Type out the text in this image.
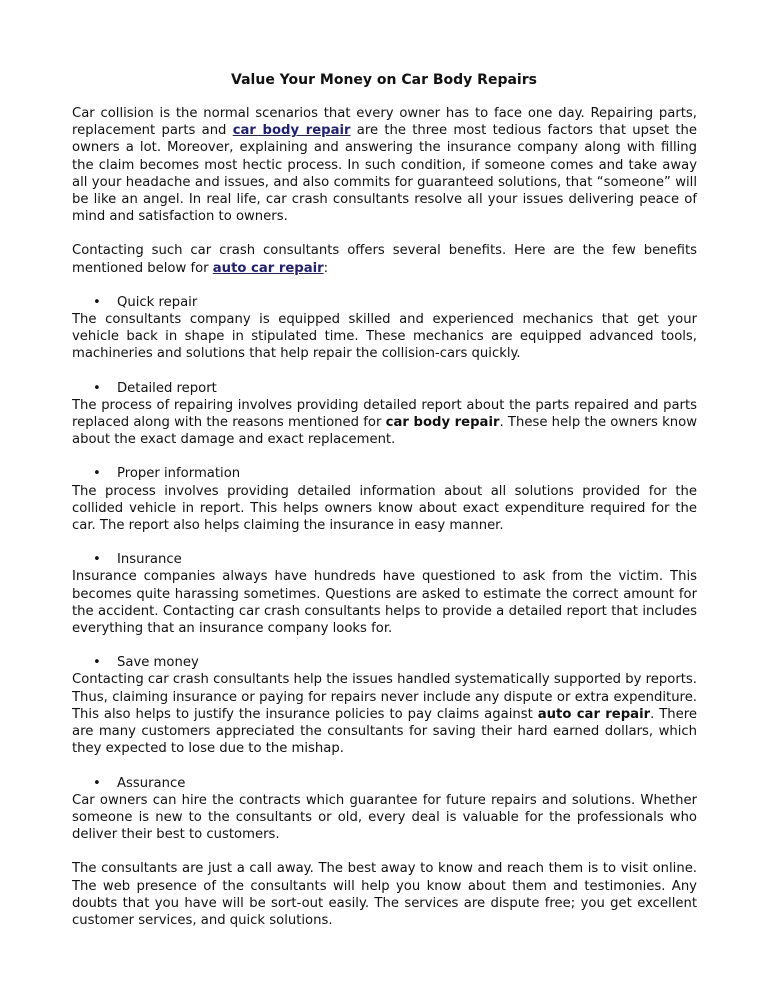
Value Your Money on Car Body Repairs

Car collision is the normal scenarios that every owner has to face one day. Repairing parts, replacement parts and car body repair are the three most tedious factors that upset the owners a lot. Moreover, explaining and answering the insurance company along with filling the claim becomes most hectic process. In such condition, if someone comes and take away all your headache and issues, and also commits for guaranteed solutions, that “someone” will be like an angel. In real life, car crash consultants resolve all your issues delivering peace of mind and satisfaction to owners.

Contacting such car crash consultants offers several benefits. Here are the few benefits mentioned below for auto car repair:

• Quick repair

The consultants company is equipped skilled and experienced mechanics that get your vehicle back in shape in stipulated time. These mechanics are equipped advanced tools, machineries and solutions that help repair the collision-cars quickly.

• Detailed report

The process of repairing involves providing detailed report about the parts repaired and parts replaced along with the reasons mentioned for car body repair. These help the owners know about the exact damage and exact replacement.

• Proper information

The process involves providing detailed information about all solutions provided for the collided vehicle in report. This helps owners know about exact expenditure required for the car. The report also helps claiming the insurance in easy manner.

• Insurance

Insurance companies always have hundreds have questioned to ask from the victim. This becomes quite harassing sometimes. Questions are asked to estimate the correct amount for the accident. Contacting car crash consultants helps to provide a detailed report that includes everything that an insurance company looks for.

• Save money

Contacting car crash consultants help the issues handled systematically supported by reports. Thus, claiming insurance or paying for repairs never include any dispute or extra expenditure. This also helps to justify the insurance policies to pay claims against auto car repair. There are many customers appreciated the consultants for saving their hard earned dollars, which they expected to lose due to the mishap.

• Assurance

Car owners can hire the contracts which guarantee for future repairs and solutions. Whether someone is new to the consultants or old, every deal is valuable for the professionals who deliver their best to customers.

The consultants are just a call away. The best away to know and reach them is to visit online. The web presence of the consultants will help you know about them and testimonies. Any doubts that you have will be sort-out easily. The services are dispute free; you get excellent customer services, and quick solutions.
